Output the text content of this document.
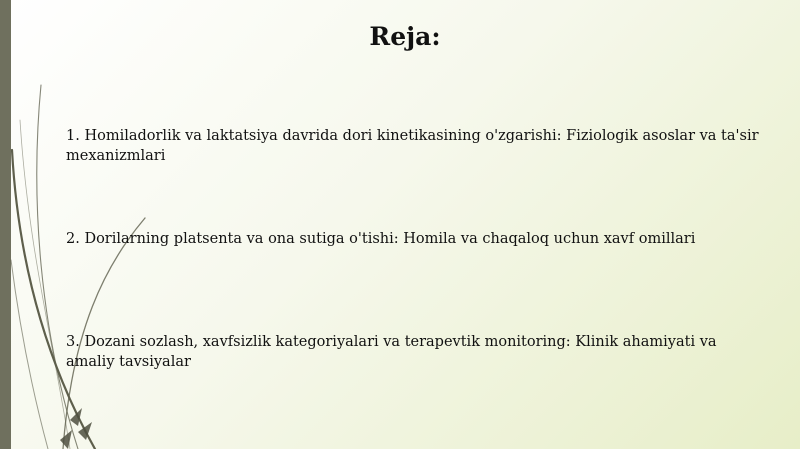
Reja:
1. Homiladorlik va laktatsiya davrida dori kinetikasining o'zgarishi: Fiziologik asoslar va ta'sir mexanizmlari
2. Dorilarning platsenta va ona sutiga o'tishi: Homila va chaqaloq uchun xavf omillari
3. Dozani sozlash, xavfsizlik kategoriyalari va terapevtik monitoring: Klinik ahamiyati va amaliy tavsiyalar
